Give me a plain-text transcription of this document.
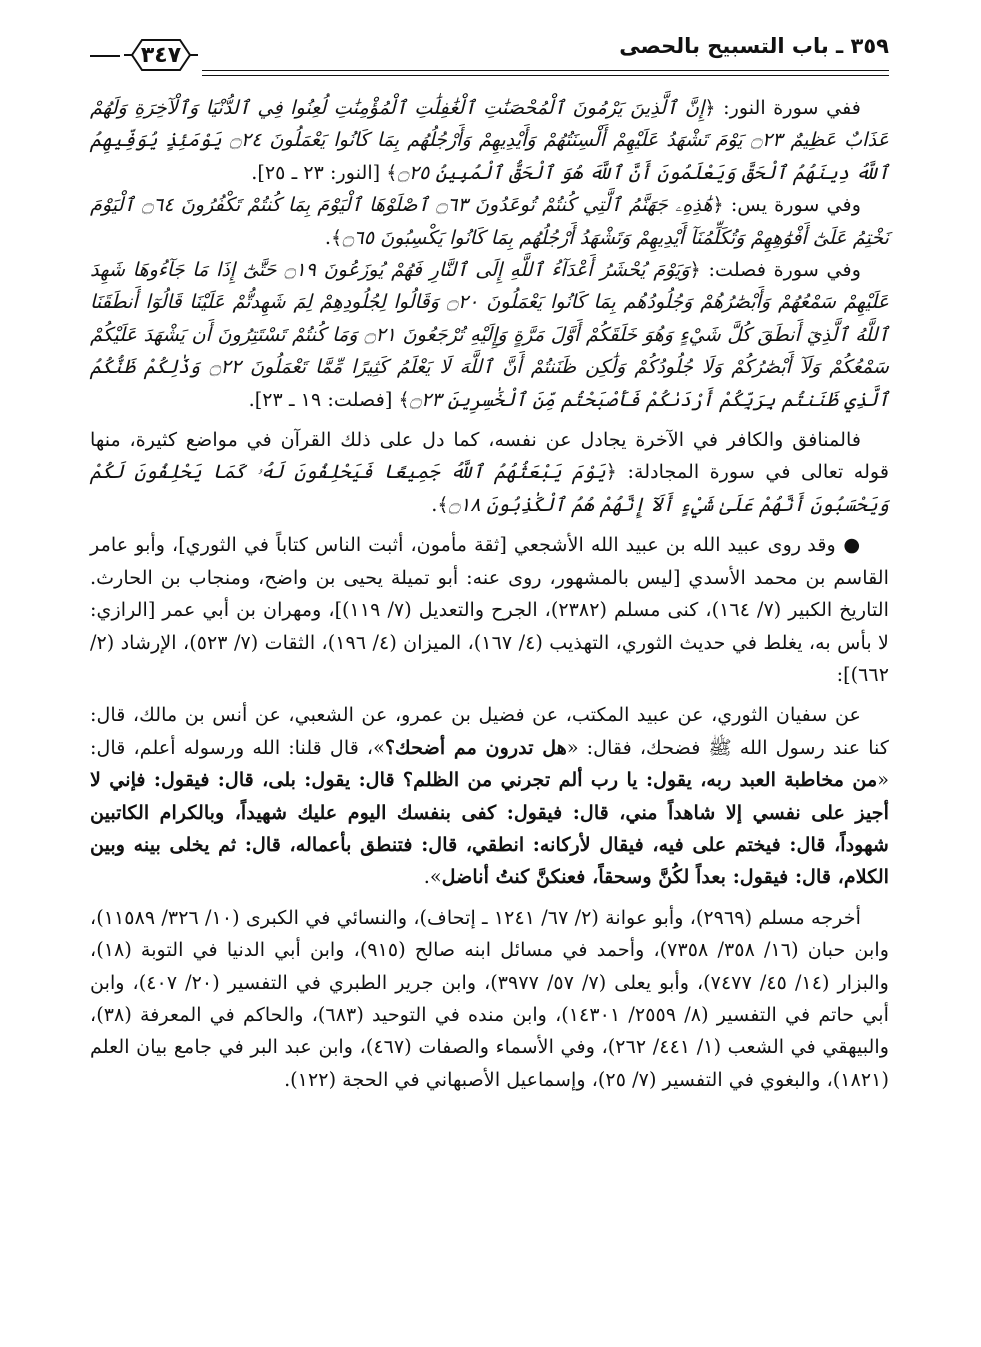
٣٥٩ ـ باب التسبيح بالحصى
٣٤٧

ففي سورة النور: ﴿إِنَّ ٱلَّذِينَ يَرْمُونَ ٱلْمُحْصَنَٰتِ ٱلْغَٰفِلَٰتِ ٱلْمُؤْمِنَٰتِ لُعِنُوا فِي ٱلدُّنْيَا وَٱلْآخِرَةِ وَلَهُمْ عَذَابٌ عَظِيمٌ ۝٢٣ يَوْمَ تَشْهَدُ عَلَيْهِمْ أَلْسِنَتُهُمْ وَأَيْدِيهِمْ وَأَرْجُلُهُم بِمَا كَانُوا يَعْمَلُونَ ۝٢٤ يَوْمَئِذٍ يُوَفِّيهِمُ ٱللَّهُ دِينَهُمُ ٱلْحَقَّ وَيَعْلَمُونَ أَنَّ ٱللَّهَ هُوَ ٱلْحَقُّ ٱلْمُبِينُ ۝٢٥﴾ [النور: ٢٣ ـ ٢٥].

وفي سورة يس: ﴿هَٰذِهِۦ جَهَنَّمُ ٱلَّتِي كُنتُمْ تُوعَدُونَ ۝٦٣ ٱصْلَوْهَا ٱلْيَوْمَ بِمَا كُنتُمْ تَكْفُرُونَ ۝٦٤ ٱلْيَوْمَ نَخْتِمُ عَلَىٰٓ أَفْوَٰهِهِمْ وَتُكَلِّمُنَآ أَيْدِيهِمْ وَتَشْهَدُ أَرْجُلُهُم بِمَا كَانُوا يَكْسِبُونَ ۝٦٥﴾.

وفي سورة فصلت: ﴿وَيَوْمَ يُحْشَرُ أَعْدَآءُ ٱللَّهِ إِلَى ٱلنَّارِ فَهُمْ يُوزَعُونَ ۝١٩ حَتَّىٰٓ إِذَا مَا جَآءُوهَا شَهِدَ عَلَيْهِمْ سَمْعُهُمْ وَأَبْصَٰرُهُمْ وَجُلُودُهُم بِمَا كَانُوا يَعْمَلُونَ ۝٢٠ وَقَالُوا لِجُلُودِهِمْ لِمَ شَهِدتُّمْ عَلَيْنَا قَالُوٓا أَنطَقَنَا ٱللَّهُ ٱلَّذِيٓ أَنطَقَ كُلَّ شَيْءٍ وَهُوَ خَلَقَكُمْ أَوَّلَ مَرَّةٍ وَإِلَيْهِ تُرْجَعُونَ ۝٢١ وَمَا كُنتُمْ تَسْتَتِرُونَ أَن يَشْهَدَ عَلَيْكُمْ سَمْعُكُمْ وَلَآ أَبْصَٰرُكُمْ وَلَا جُلُودُكُمْ وَلَٰكِن ظَنَنتُمْ أَنَّ ٱللَّهَ لَا يَعْلَمُ كَثِيرًا مِّمَّا تَعْمَلُونَ ۝٢٢ وَذَٰلِكُمْ ظَنُّكُمُ ٱلَّذِي ظَنَنتُم بِرَبِّكُمْ أَرْدَىٰكُمْ فَأَصْبَحْتُم مِّنَ ٱلْخَٰسِرِينَ ۝٢٣﴾ [فصلت: ١٩ ـ ٢٣].

فالمنافق والكافر في الآخرة يجادل عن نفسه، كما دل على ذلك القرآن في مواضع كثيرة، منها قوله تعالى في سورة المجادلة: ﴿يَوْمَ يَبْعَثُهُمُ ٱللَّهُ جَمِيعًا فَيَحْلِفُونَ لَهُۥ كَمَا يَحْلِفُونَ لَكُمْ وَيَحْسَبُونَ أَنَّهُمْ عَلَىٰ شَيْءٍ أَلَآ إِنَّهُمْ هُمُ ٱلْكَٰذِبُونَ ۝١٨﴾.

● وقد روى عبيد الله بن عبيد الله الأشجعي [ثقة مأمون، أثبت الناس كتاباً في الثوري]، وأبو عامر القاسم بن محمد الأسدي [ليس بالمشهور، روى عنه: أبو تميلة يحيى بن واضح، ومنجاب بن الحارث. التاريخ الكبير (٧/ ١٦٤)، كنى مسلم (٢٣٨٢)، الجرح والتعديل (٧/ ١١٩)]، ومهران بن أبي عمر [الرازي: لا بأس به، يغلط في حديث الثوري، التهذيب (٤/ ١٦٧)، الميزان (٤/ ١٩٦)، الثقات (٧/ ٥٢٣)، الإرشاد (٢/ ٦٦٢)]:

عن سفيان الثوري، عن عبيد المكتب، عن فضيل بن عمرو، عن الشعبي، عن أنس بن مالك، قال: كنا عند رسول الله ﷺ فضحك، فقال: «هل تدرون مم أضحك؟»، قال قلنا: الله ورسوله أعلم، قال: «من مخاطبة العبد ربه، يقول: يا رب ألم تجرني من الظلم؟ قال: يقول: بلى، قال: فيقول: فإني لا أجيز على نفسي إلا شاهداً مني، قال: فيقول: كفى بنفسك اليوم عليك شهيداً، وبالكرام الكاتبين شهوداً، قال: فيختم على فيه، فيقال لأركانه: انطقي، قال: فتنطق بأعماله، قال: ثم يخلى بينه وبين الكلام، قال: فيقول: بعداً لكُنَّ وسحقاً، فعنكنَّ كنتُ أناضل».

أخرجه مسلم (٢٩٦٩)، وأبو عوانة (٢/ ٦٧/ ١٢٤١ ـ إتحاف)، والنسائي في الكبرى (١٠/ ٣٢٦/ ١١٥٨٩)، وابن حبان (١٦/ ٣٥٨/ ٧٣٥٨)، وأحمد في مسائل ابنه صالح (٩١٥)، وابن أبي الدنيا في التوبة (١٨)، والبزار (١٤/ ٤٥/ ٧٤٧٧)، وأبو يعلى (٧/ ٥٧/ ٣٩٧٧)، وابن جرير الطبري في التفسير (٢٠/ ٤٠٧)، وابن أبي حاتم في التفسير (٨/ ٢٥٥٩/ ١٤٣٠١)، وابن منده في التوحيد (٦٨٣)، والحاكم في المعرفة (٣٨)، والبيهقي في الشعب (١/ ٤٤١/ ٢٦٢)، وفي الأسماء والصفات (٤٦٧)، وابن عبد البر في جامع بيان العلم (١٨٢١)، والبغوي في التفسير (٧/ ٢٥)، وإسماعيل الأصبهاني في الحجة (١٢٢).
